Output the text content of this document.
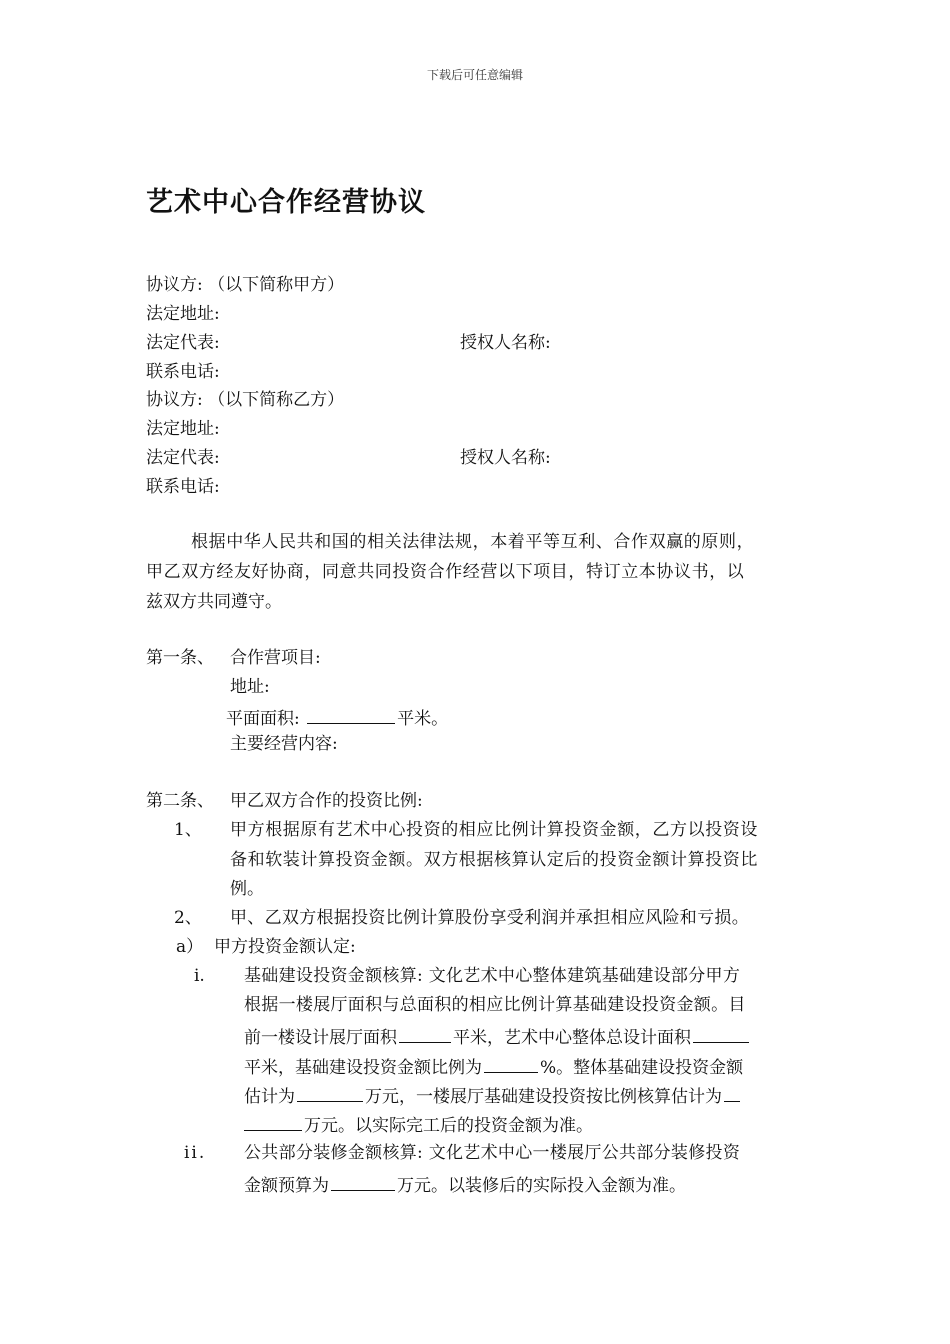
下载后可任意编辑
艺术中心合作经营协议
协议方: （以下简称甲方）
法定地址:
法定代表:	授权人名称:
联系电话:
协议方: （以下简称乙方）
法定地址:
法定代表:	授权人名称:
联系电话:
根据中华人民共和国的相关法律法规，本着平等互利、合作双赢的原则，
甲乙双方经友好协商，同意共同投资合作经营以下项目，特订立本协议书，以
兹双方共同遵守。
第一条、 合作营项目:
地址:
平面面积:	平米。
主要经营内容:
第二条、 甲乙双方合作的投资比例:
1、 甲方根据原有艺术中心投资的相应比例计算投资金额，乙方以投资设
备和软装计算投资金额。双方根据核算认定后的投资金额计算投资比
例。
2、 甲、乙双方根据投资比例计算股份享受利润并承担相应风险和亏损。
a） 甲方投资金额认定:
i. 基础建设投资金额核算: 文化艺术中心整体建筑基础建设部分甲方
根据一楼展厅面积与总面积的相应比例计算基础建设投资金额。目
前一楼设计展厅面积	平米，艺术中心整体总设计面积
平米，基础建设投资金额比例为	%。整体基础建设投资金额
估计为	万元，一楼展厅基础建设投资按比例核算估计为
万元。以实际完工后的投资金额为准。
ii. 公共部分装修金额核算: 文化艺术中心一楼展厅公共部分装修投资
金额预算为	万元。以装修后的实际投入金额为准。
